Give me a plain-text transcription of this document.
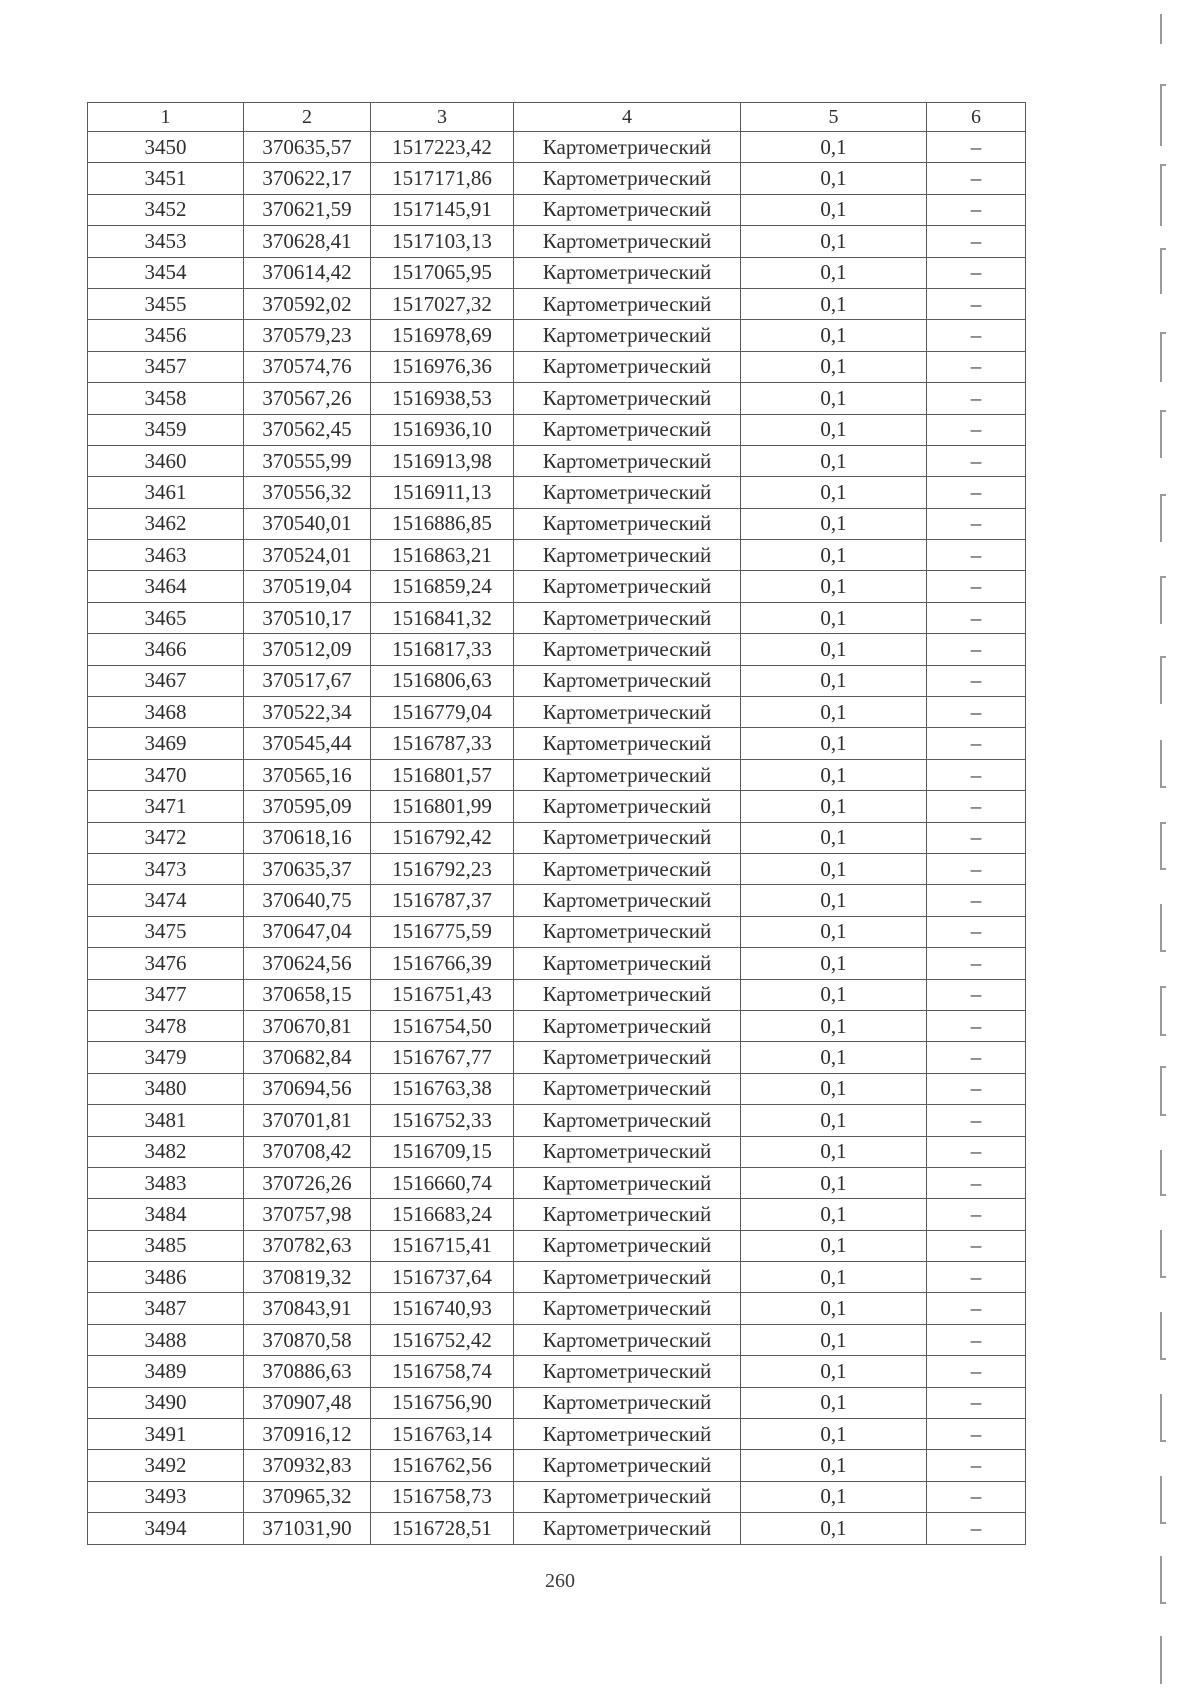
1	2	3	4	5	6
3450	370635,57	1517223,42	Картометрический	0,1	–
3451	370622,17	1517171,86	Картометрический	0,1	–
3452	370621,59	1517145,91	Картометрический	0,1	–
3453	370628,41	1517103,13	Картометрический	0,1	–
3454	370614,42	1517065,95	Картометрический	0,1	–
3455	370592,02	1517027,32	Картометрический	0,1	–
3456	370579,23	1516978,69	Картометрический	0,1	–
3457	370574,76	1516976,36	Картометрический	0,1	–
3458	370567,26	1516938,53	Картометрический	0,1	–
3459	370562,45	1516936,10	Картометрический	0,1	–
3460	370555,99	1516913,98	Картометрический	0,1	–
3461	370556,32	1516911,13	Картометрический	0,1	–
3462	370540,01	1516886,85	Картометрический	0,1	–
3463	370524,01	1516863,21	Картометрический	0,1	–
3464	370519,04	1516859,24	Картометрический	0,1	–
3465	370510,17	1516841,32	Картометрический	0,1	–
3466	370512,09	1516817,33	Картометрический	0,1	–
3467	370517,67	1516806,63	Картометрический	0,1	–
3468	370522,34	1516779,04	Картометрический	0,1	–
3469	370545,44	1516787,33	Картометрический	0,1	–
3470	370565,16	1516801,57	Картометрический	0,1	–
3471	370595,09	1516801,99	Картометрический	0,1	–
3472	370618,16	1516792,42	Картометрический	0,1	–
3473	370635,37	1516792,23	Картометрический	0,1	–
3474	370640,75	1516787,37	Картометрический	0,1	–
3475	370647,04	1516775,59	Картометрический	0,1	–
3476	370624,56	1516766,39	Картометрический	0,1	–
3477	370658,15	1516751,43	Картометрический	0,1	–
3478	370670,81	1516754,50	Картометрический	0,1	–
3479	370682,84	1516767,77	Картометрический	0,1	–
3480	370694,56	1516763,38	Картометрический	0,1	–
3481	370701,81	1516752,33	Картометрический	0,1	–
3482	370708,42	1516709,15	Картометрический	0,1	–
3483	370726,26	1516660,74	Картометрический	0,1	–
3484	370757,98	1516683,24	Картометрический	0,1	–
3485	370782,63	1516715,41	Картометрический	0,1	–
3486	370819,32	1516737,64	Картометрический	0,1	–
3487	370843,91	1516740,93	Картометрический	0,1	–
3488	370870,58	1516752,42	Картометрический	0,1	–
3489	370886,63	1516758,74	Картометрический	0,1	–
3490	370907,48	1516756,90	Картометрический	0,1	–
3491	370916,12	1516763,14	Картометрический	0,1	–
3492	370932,83	1516762,56	Картометрический	0,1	–
3493	370965,32	1516758,73	Картометрический	0,1	–
3494	371031,90	1516728,51	Картометрический	0,1	–
260
